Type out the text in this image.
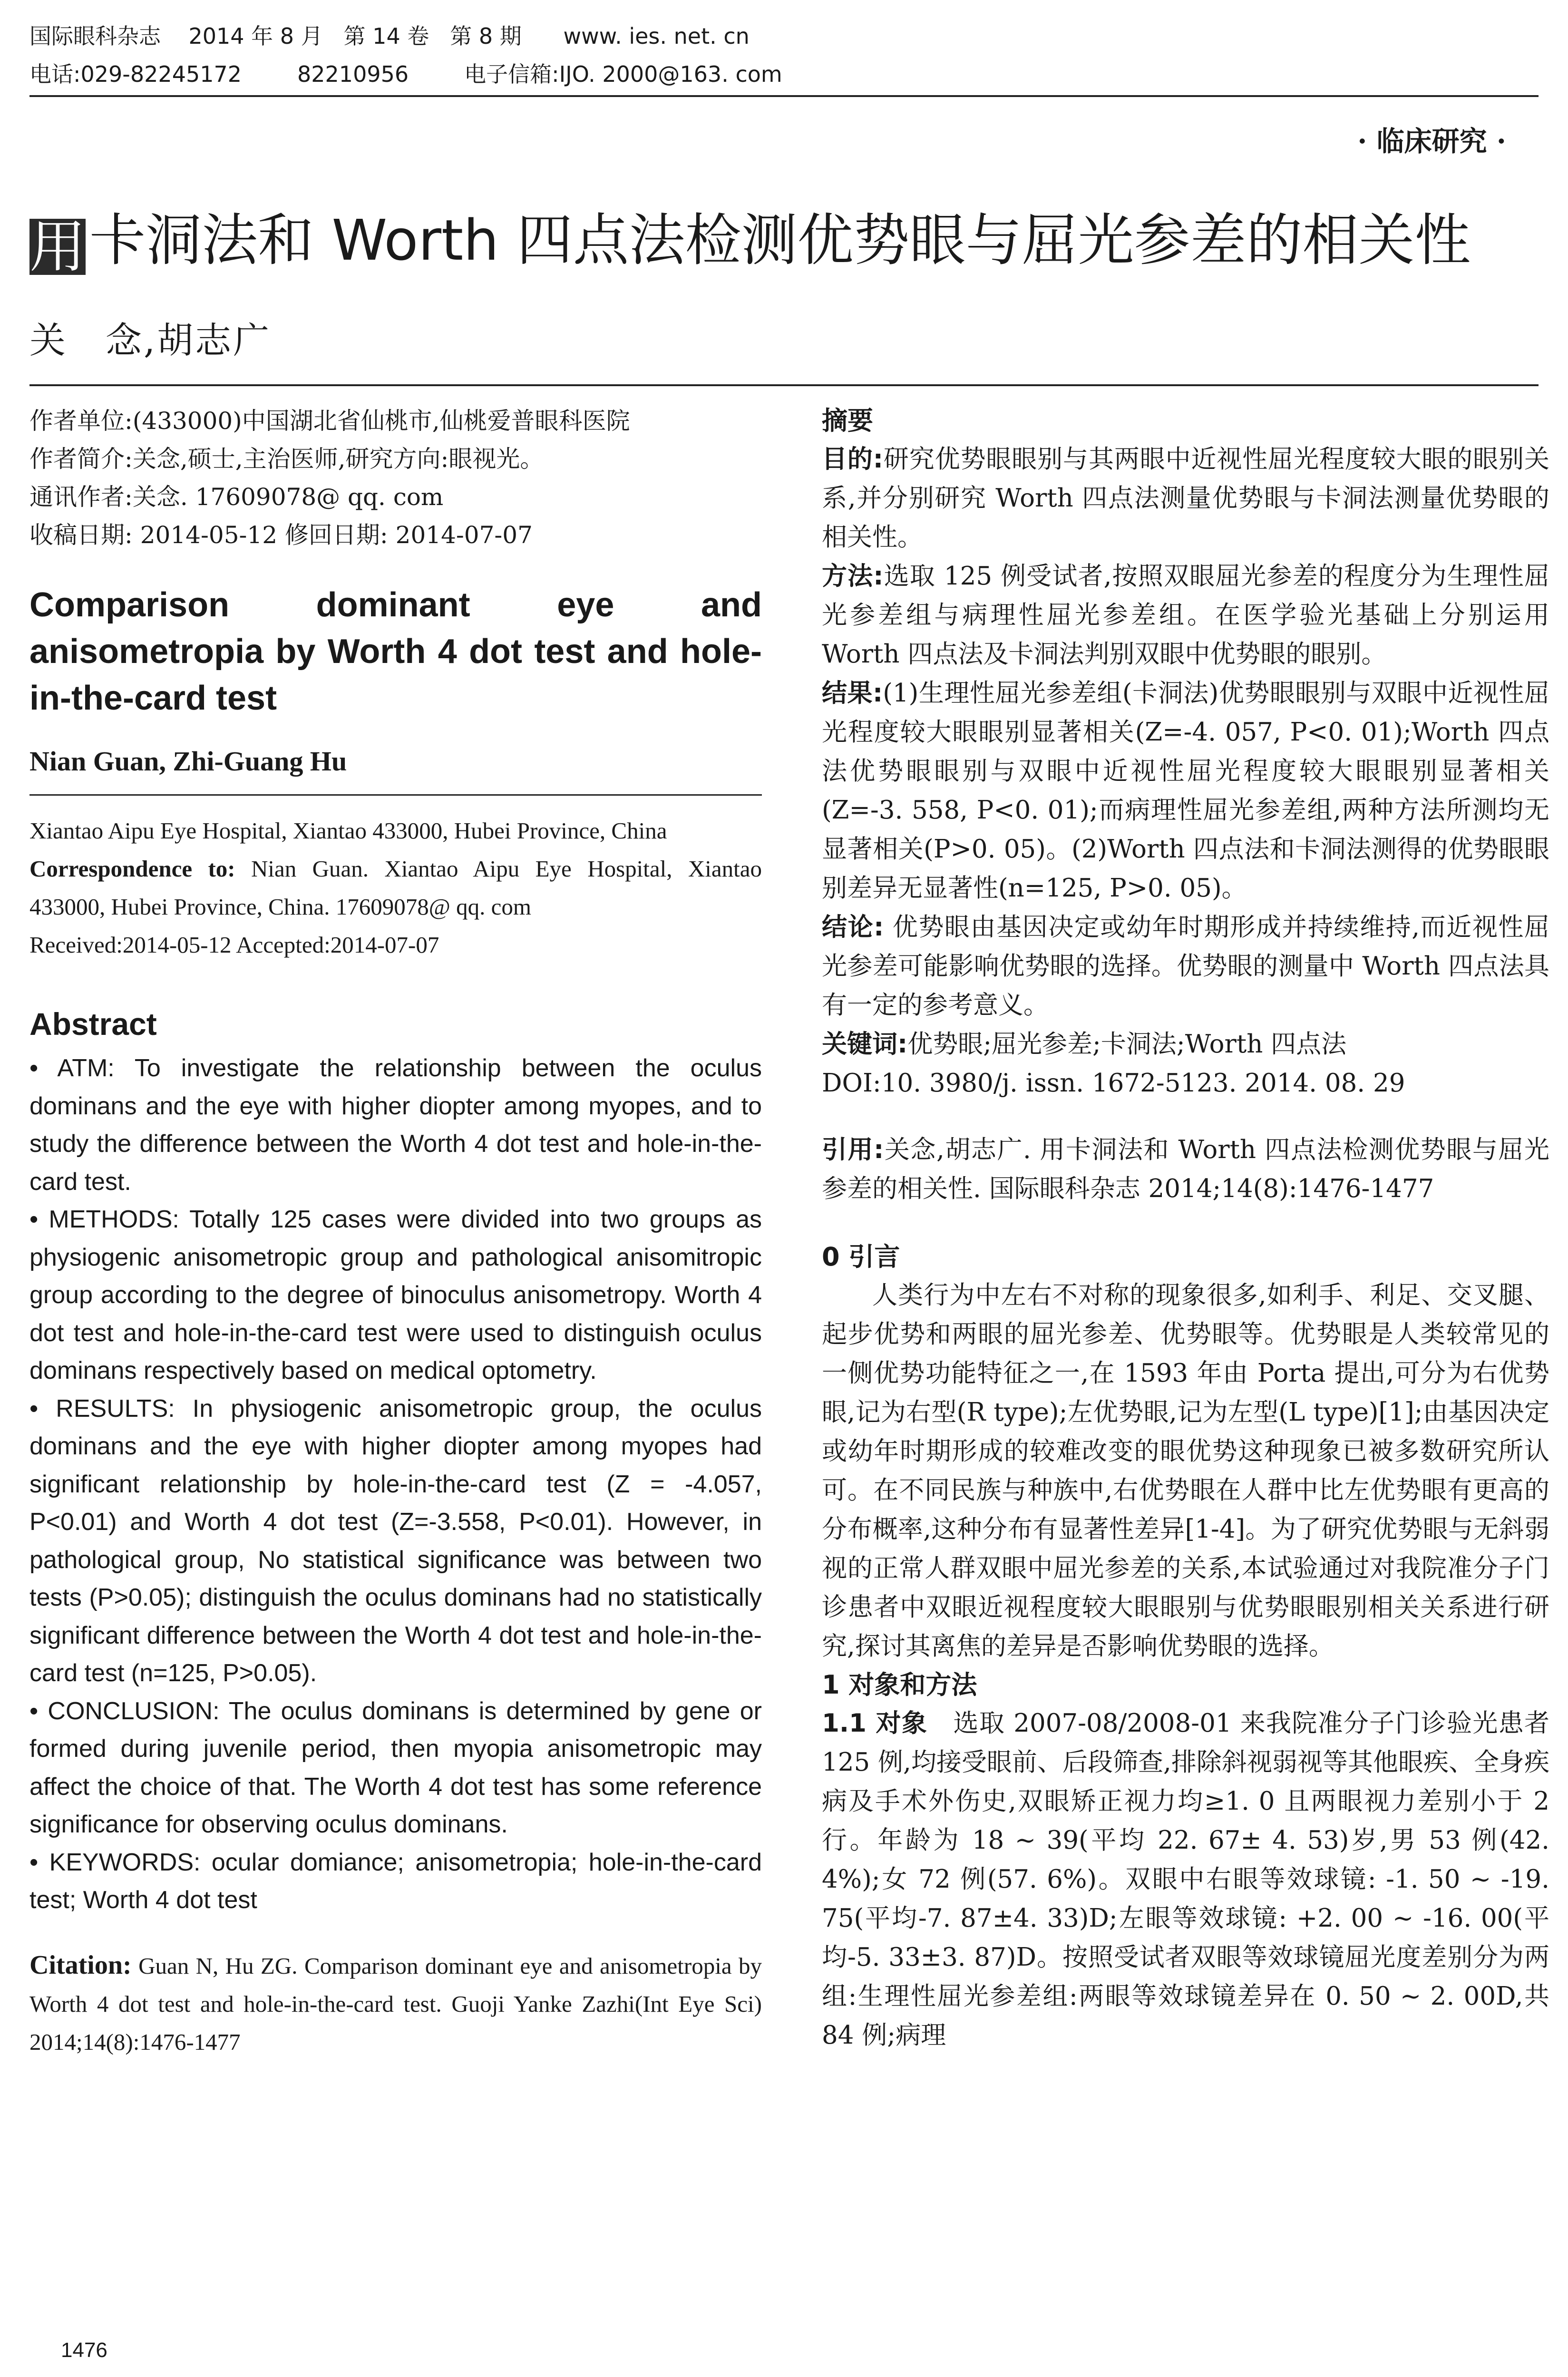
国际眼科杂志    2014 年 8 月   第 14 卷   第 8 期      www. ies. net. cn
电话:029-82245172        82210956        电子信箱:IJO. 2000@163. com
· 临床研究 ·
用卡洞法和 Worth 四点法检测优势眼与屈光参差的相关性
关　念,胡志广
作者单位:(433000)中国湖北省仙桃市,仙桃爱普眼科医院
作者简介:关念,硕士,主治医师,研究方向:眼视光。
通讯作者:关念. 17609078@ qq. com
收稿日期: 2014-05-12 修回日期: 2014-07-07
Comparison dominant eye and anisometropia by Worth 4 dot test and hole-in-the-card test
Nian Guan, Zhi-Guang Hu
Xiantao Aipu Eye Hospital, Xiantao 433000, Hubei Province, China
Correspondence to: Nian Guan. Xiantao Aipu Eye Hospital, Xiantao 433000, Hubei Province, China. 17609078@ qq. com
Received:2014-05-12 Accepted:2014-07-07
Abstract

• ATM: To investigate the relationship between the oculus dominans and the eye with higher diopter among myopes, and to study the difference between the Worth 4 dot test and hole-in-the-card test.

• METHODS: Totally 125 cases were divided into two groups as physiogenic anisometropic group and pathological anisomitropic group according to the degree of binoculus anisometropy. Worth 4 dot test and hole-in-the-card test were used to distinguish oculus dominans respectively based on medical optometry.

• RESULTS: In physiogenic anisometropic group, the oculus dominans and the eye with higher diopter among myopes had significant relationship by hole-in-the-card test (Z = -4.057, P<0.01) and Worth 4 dot test (Z=-3.558, P<0.01). However, in pathological group, No statistical significance was between two tests (P>0.05); distinguish the oculus dominans had no statistically significant difference between the Worth 4 dot test and hole-in-the-card test (n=125, P>0.05).

• CONCLUSION: The oculus dominans is determined by gene or formed during juvenile period, then myopia anisometropic may affect the choice of that. The Worth 4 dot test has some reference significance for observing oculus dominans.

• KEYWORDS: ocular domiance; anisometropia; hole-in-the-card test; Worth 4 dot test

Citation: Guan N, Hu ZG. Comparison dominant eye and anisometropia by Worth 4 dot test and hole-in-the-card test. Guoji Yanke Zazhi(Int Eye Sci) 2014;14(8):1476-1477
摘要

目的:研究优势眼眼别与其两眼中近视性屈光程度较大眼的眼别关系,并分别研究 Worth 四点法测量优势眼与卡洞法测量优势眼的相关性。

方法:选取 125 例受试者,按照双眼屈光参差的程度分为生理性屈光参差组与病理性屈光参差组。在医学验光基础上分别运用 Worth 四点法及卡洞法判别双眼中优势眼的眼别。

结果:(1)生理性屈光参差组(卡洞法)优势眼眼别与双眼中近视性屈光程度较大眼眼别显著相关(Z=-4. 057, P<0. 01);Worth 四点法优势眼眼别与双眼中近视性屈光程度较大眼眼别显著相关(Z=-3. 558, P<0. 01);而病理性屈光参差组,两种方法所测均无显著相关(P>0. 05)。(2)Worth 四点法和卡洞法测得的优势眼眼别差异无显著性(n=125, P>0. 05)。

结论: 优势眼由基因决定或幼年时期形成并持续维持,而近视性屈光参差可能影响优势眼的选择。优势眼的测量中 Worth 四点法具有一定的参考意义。

关键词:优势眼;屈光参差;卡洞法;Worth 四点法

DOI:10. 3980/j. issn. 1672-5123. 2014. 08. 29

引用:关念,胡志广. 用卡洞法和 Worth 四点法检测优势眼与屈光参差的相关性. 国际眼科杂志 2014;14(8):1476-1477

0 引言

人类行为中左右不对称的现象很多,如利手、利足、交叉腿、起步优势和两眼的屈光参差、优势眼等。优势眼是人类较常见的一侧优势功能特征之一,在 1593 年由 Porta 提出,可分为右优势眼,记为右型(R type);左优势眼,记为左型(L type)[1];由基因决定或幼年时期形成的较难改变的眼优势这种现象已被多数研究所认可。在不同民族与种族中,右优势眼在人群中比左优势眼有更高的分布概率,这种分布有显著性差异[1-4]。为了研究优势眼与无斜弱视的正常人群双眼中屈光参差的关系,本试验通过对我院准分子门诊患者中双眼近视程度较大眼眼别与优势眼眼别相关关系进行研究,探讨其离焦的差异是否影响优势眼的选择。

1 对象和方法

1.1 对象　选取 2007-08/2008-01 来我院准分子门诊验光患者 125 例,均接受眼前、后段筛查,排除斜视弱视等其他眼疾、全身疾病及手术外伤史,双眼矫正视力均≥1. 0 且两眼视力差别小于 2 行。年龄为 18 ~ 39(平均 22. 67± 4. 53)岁,男 53 例(42. 4%);女 72 例(57. 6%)。双眼中右眼等效球镜: -1. 50 ~ -19. 75(平均-7. 87±4. 33)D;左眼等效球镜: +2. 00 ~ -16. 00(平均-5. 33±3. 87)D。按照受试者双眼等效球镜屈光度差别分为两组:生理性屈光参差组:两眼等效球镜差异在 0. 50 ~ 2. 00D,共 84 例;病理

1476
